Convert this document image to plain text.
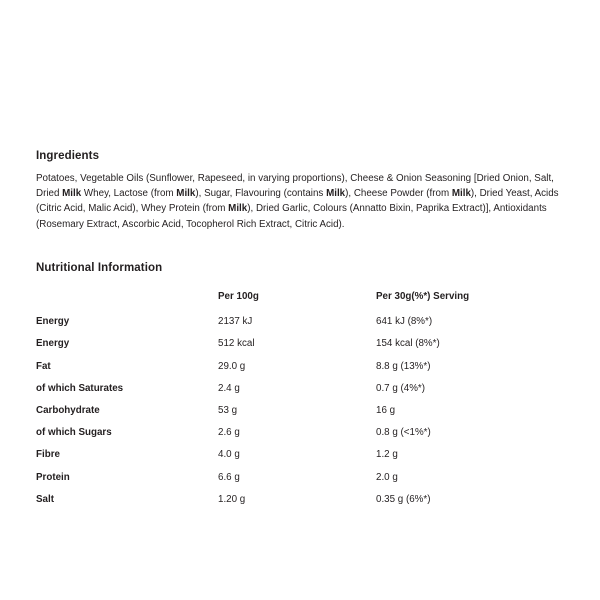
Ingredients

Potatoes, Vegetable Oils (Sunflower, Rapeseed, in varying proportions), Cheese & Onion Seasoning [Dried Onion, Salt, Dried Milk Whey, Lactose (from Milk), Sugar, Flavouring (contains Milk), Cheese Powder (from Milk), Dried Yeast, Acids (Citric Acid, Malic Acid), Whey Protein (from Milk), Dried Garlic, Colours (Annatto Bixin, Paprika Extract)], Antioxidants (Rosemary Extract, Ascorbic Acid, Tocopherol Rich Extract, Citric Acid).

Nutritional Information
	Per 100g	Per 30g(%*) Serving
Energy	2137 kJ	641 kJ (8%*)
Energy	512 kcal	154 kcal (8%*)
Fat	29.0 g	8.8 g (13%*)
of which Saturates	2.4 g	0.7 g (4%*)
Carbohydrate	53 g	16 g
of which Sugars	2.6 g	0.8 g (<1%*)
Fibre	4.0 g	1.2 g
Protein	6.6 g	2.0 g
Salt	1.20 g	0.35 g (6%*)
